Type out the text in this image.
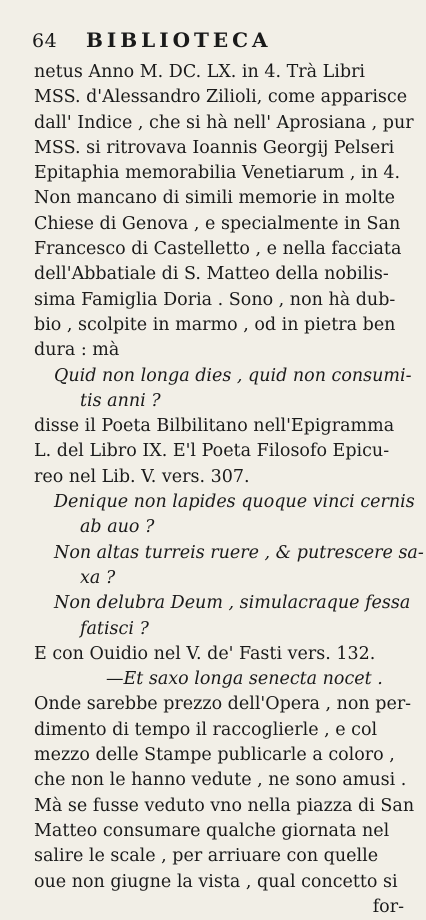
64 BIBLIOTECA
netus Anno M. DC. LX. in 4. Trà Libri
MSS. d'Alessandro Zilioli, come apparisce
dall' Indice , che si hà nell' Aprosiana , pur
MSS. si ritrovava Ioannis Georgij Pelseri
Epitaphia memorabilia Venetiarum , in 4.
Non mancano di simili memorie in molte
Chiese di Genova , e specialmente in San
Francesco di Castelletto , e nella facciata
dell'Abbatiale di S. Matteo della nobilis-
sima Famiglia Doria . Sono , non hà dub-
bio , scolpite in marmo , od in pietra ben
dura : mà
Quid non longa dies , quid non consumi-
tis anni ?
disse il Poeta Bilbilitano nell'Epigramma
L. del Libro IX. E'l Poeta Filosofo Epicu-
reo nel Lib. V. vers. 307.
Denique non lapides quoque vinci cernis
ab auo ?
Non altas turreis ruere , & putrescere sa-
xa ?
Non delubra Deum , simulacraque fessa
fatisci ?
E con Ouidio nel V. de' Fasti vers. 132.
—Et saxo longa senecta nocet .
Onde sarebbe prezzo dell'Opera , non per-
dimento di tempo il raccoglierle , e col
mezzo delle Stampe publicarle a coloro ,
che non le hanno vedute , ne sono amusi .
Mà se fusse veduto vno nella piazza di San
Matteo consumare qualche giornata nel
salire le scale , per arriuare con quelle
oue non giugne la vista , qual concetto si
for-
